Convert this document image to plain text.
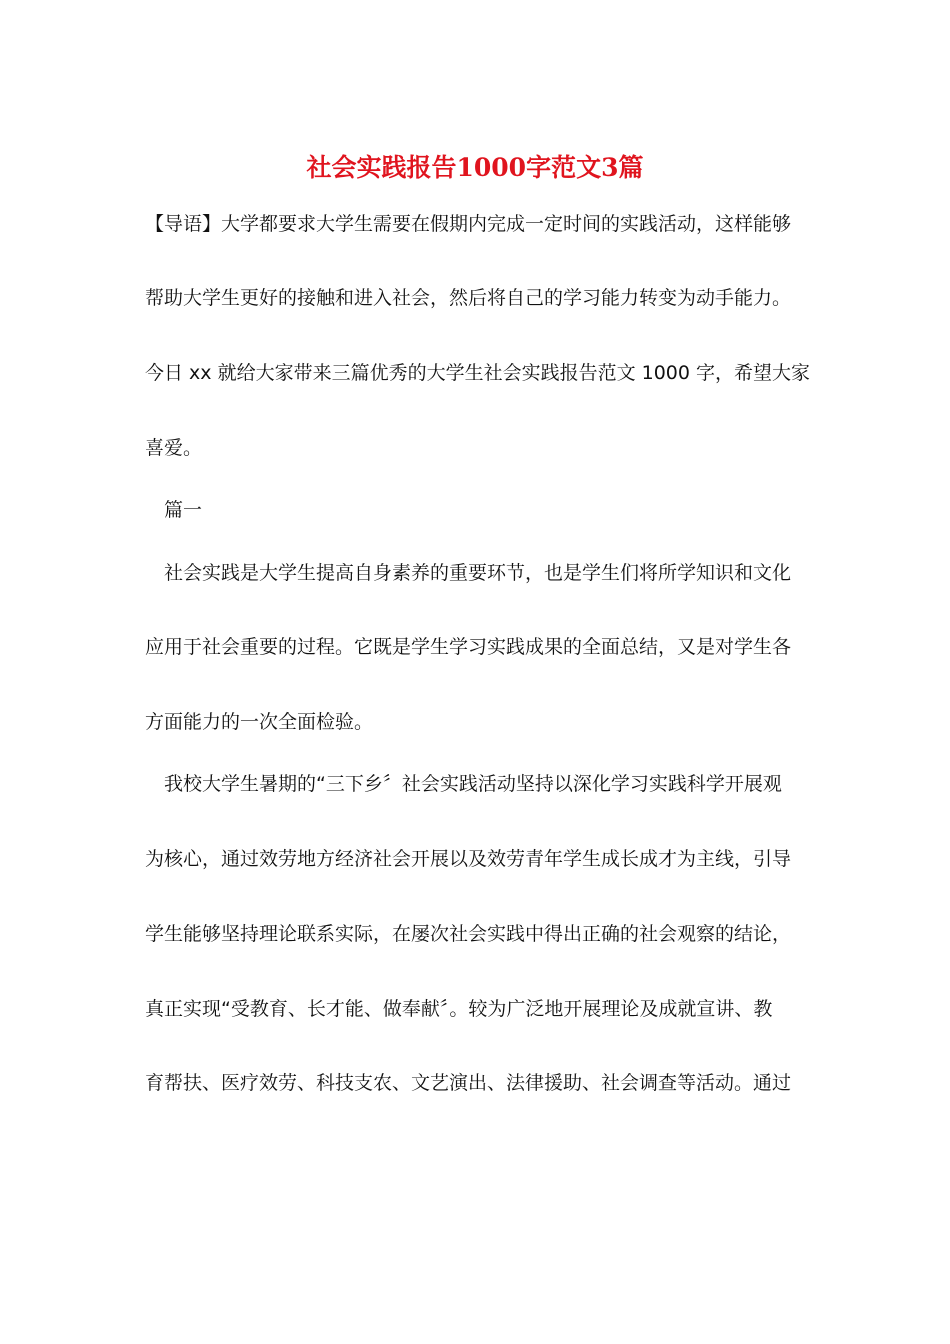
社会实践报告1000字范文3篇

【导语】大学都要求大学生需要在假期内完成一定时间的实践活动，这样能够

帮助大学生更好的接触和进入社会，然后将自己的学习能力转变为动手能力。

今日 xx 就给大家带来三篇优秀的大学生社会实践报告范文 1000 字，希望大家

喜爱。

篇一

社会实践是大学生提高自身素养的重要环节，也是学生们将所学知识和文化

应用于社会重要的过程。它既是学生学习实践成果的全面总结，又是对学生各

方面能力的一次全面检验。

我校大学生暑期的“三下乡〞社会实践活动坚持以深化学习实践科学开展观

为核心，通过效劳地方经济社会开展以及效劳青年学生成长成才为主线，引导

学生能够坚持理论联系实际，在屡次社会实践中得出正确的社会观察的结论，

真正实现“受教育、长才能、做奉献〞。较为广泛地开展理论及成就宣讲、教

育帮扶、医疗效劳、科技支农、文艺演出、法律援助、社会调查等活动。通过
